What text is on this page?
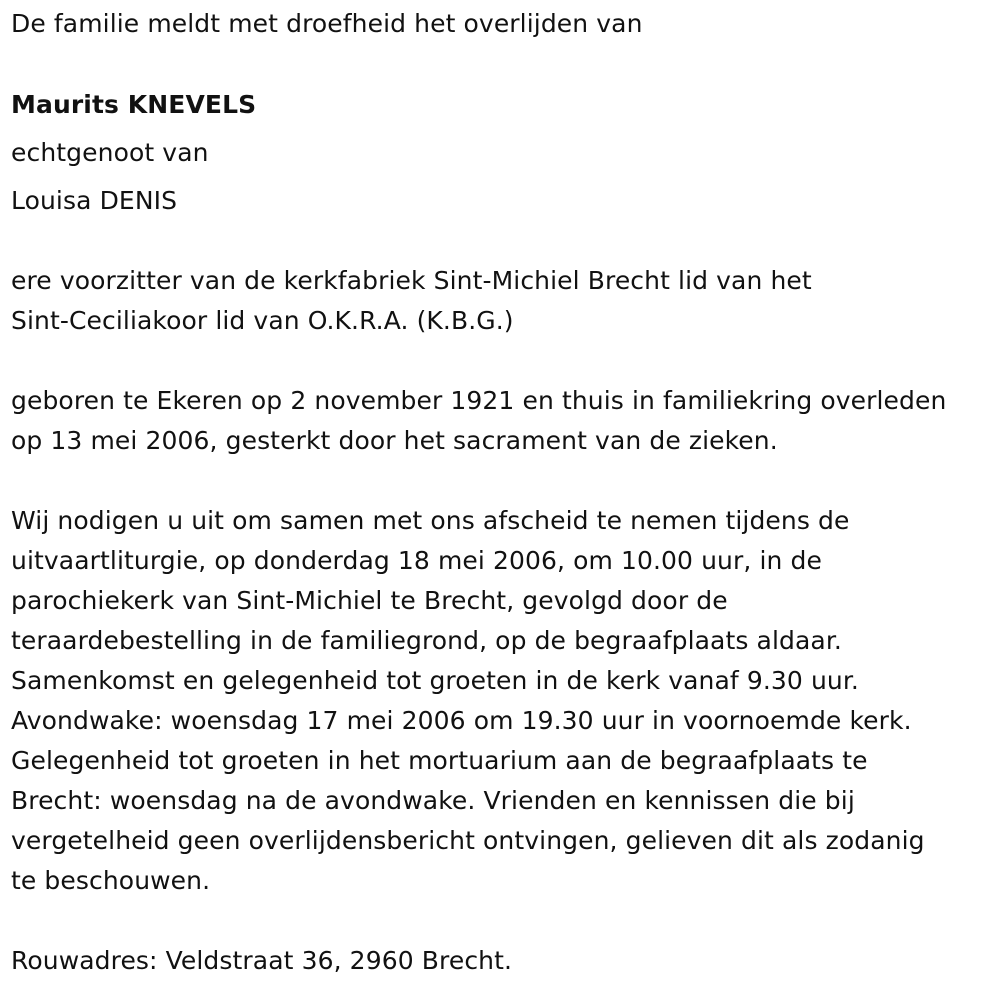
De familie meldt met droefheid het overlijden van
Maurits KNEVELS
echtgenoot van
Louisa DENIS
ere voorzitter van de kerkfabriek Sint-Michiel Brecht lid van het
Sint-Ceciliakoor lid van O.K.R.A. (K.B.G.)
geboren te Ekeren op 2 november 1921 en thuis in familiekring overleden
op 13 mei 2006, gesterkt door het sacrament van de zieken.
Wij nodigen u uit om samen met ons afscheid te nemen tijdens de
uitvaartliturgie, op donderdag 18 mei 2006, om 10.00 uur, in de
parochiekerk van Sint-Michiel te Brecht, gevolgd door de
teraardebestelling in de familiegrond, op de begraafplaats aldaar.
Samenkomst en gelegenheid tot groeten in de kerk vanaf 9.30 uur.
Avondwake: woensdag 17 mei 2006 om 19.30 uur in voornoemde kerk.
Gelegenheid tot groeten in het mortuarium aan de begraafplaats te
Brecht: woensdag na de avondwake. Vrienden en kennissen die bij
vergetelheid geen overlijdensbericht ontvingen, gelieven dit als zodanig
te beschouwen.
Rouwadres: Veldstraat 36, 2960 Brecht.
